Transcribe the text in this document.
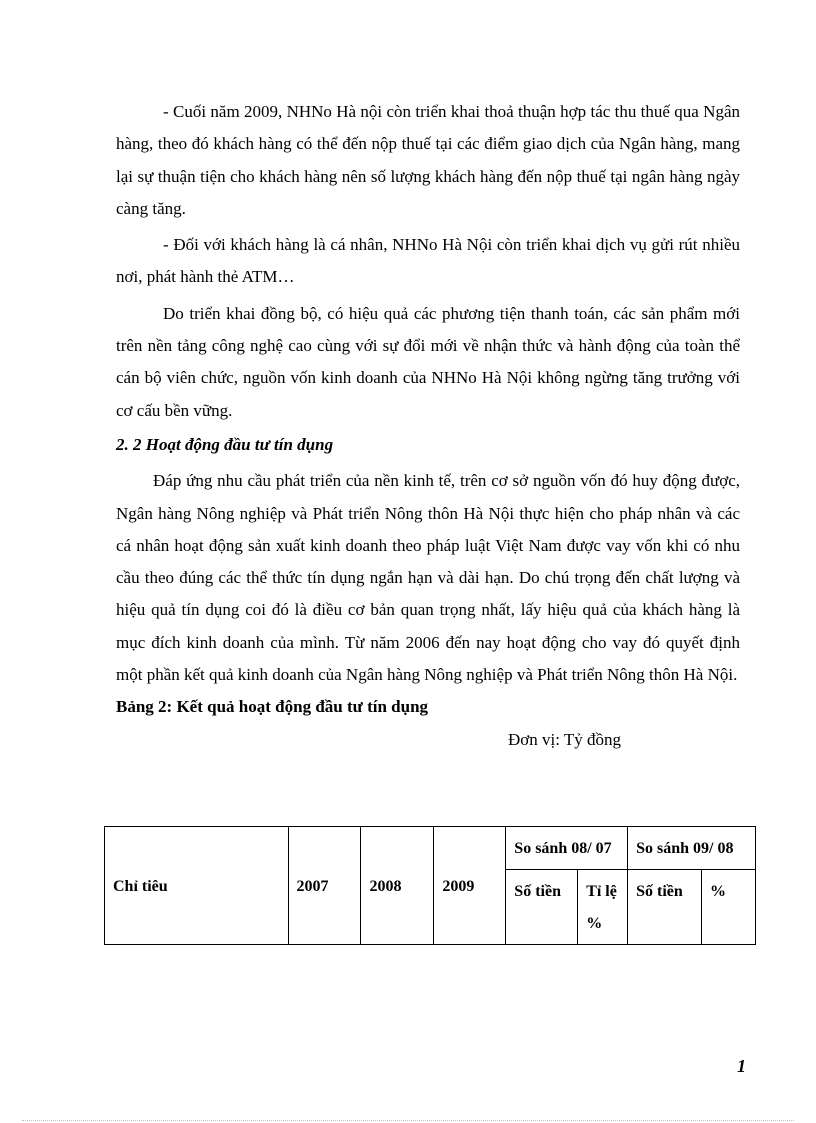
- Cuối năm 2009, NHNo Hà nội còn triển khai thoả thuận hợp tác thu thuế qua Ngân hàng, theo đó khách hàng có thể đến nộp thuế tại các điểm giao dịch của Ngân hàng, mang lại sự thuận tiện cho khách hàng nên số lượng khách hàng đến nộp thuế tại ngân hàng ngày càng tăng.

- Đối với khách hàng là cá nhân, NHNo Hà Nội còn triển khai dịch vụ gửi rút nhiều nơi, phát hành thẻ ATM…

Do triển khai đồng bộ, có hiệu quả các phương tiện thanh toán, các sản phẩm mới trên nền tảng công nghệ cao cùng với sự đổi mới về nhận thức và hành động của toàn thể cán bộ viên chức, nguồn vốn kinh doanh của NHNo Hà Nội không ngừng tăng trưởng với cơ cấu bền vững.

2. 2 Hoạt động đầu tư tín dụng

Đáp ứng nhu cầu phát triển của nền kinh tế, trên cơ sở nguồn vốn đó huy động được, Ngân hàng Nông nghiệp và Phát triển Nông thôn Hà Nội thực hiện cho pháp nhân và các cá nhân hoạt động sản xuất kinh doanh theo pháp luật Việt Nam được vay vốn khi có nhu cầu theo đúng các thể thức tín dụng ngắn hạn và dài hạn. Do chú trọng đến chất lượng và hiệu quả tín dụng coi đó là điều cơ bản quan trọng nhất, lấy hiệu quả của khách hàng là mục đích kinh doanh của mình. Từ năm 2006 đến nay hoạt động cho vay đó quyết định một phần kết quả kinh doanh của Ngân hàng Nông nghiệp và Phát triển Nông thôn Hà Nội.

Bảng 2: Kết quả hoạt động đầu tư tín dụng

Đơn vị: Tỷ đồng

Chỉ tiêu	2007	2008	2009	So sánh 08/ 07		So sánh 09/ 08	
				Số tiền	Tỉ lệ %	Số tiền	%
1
